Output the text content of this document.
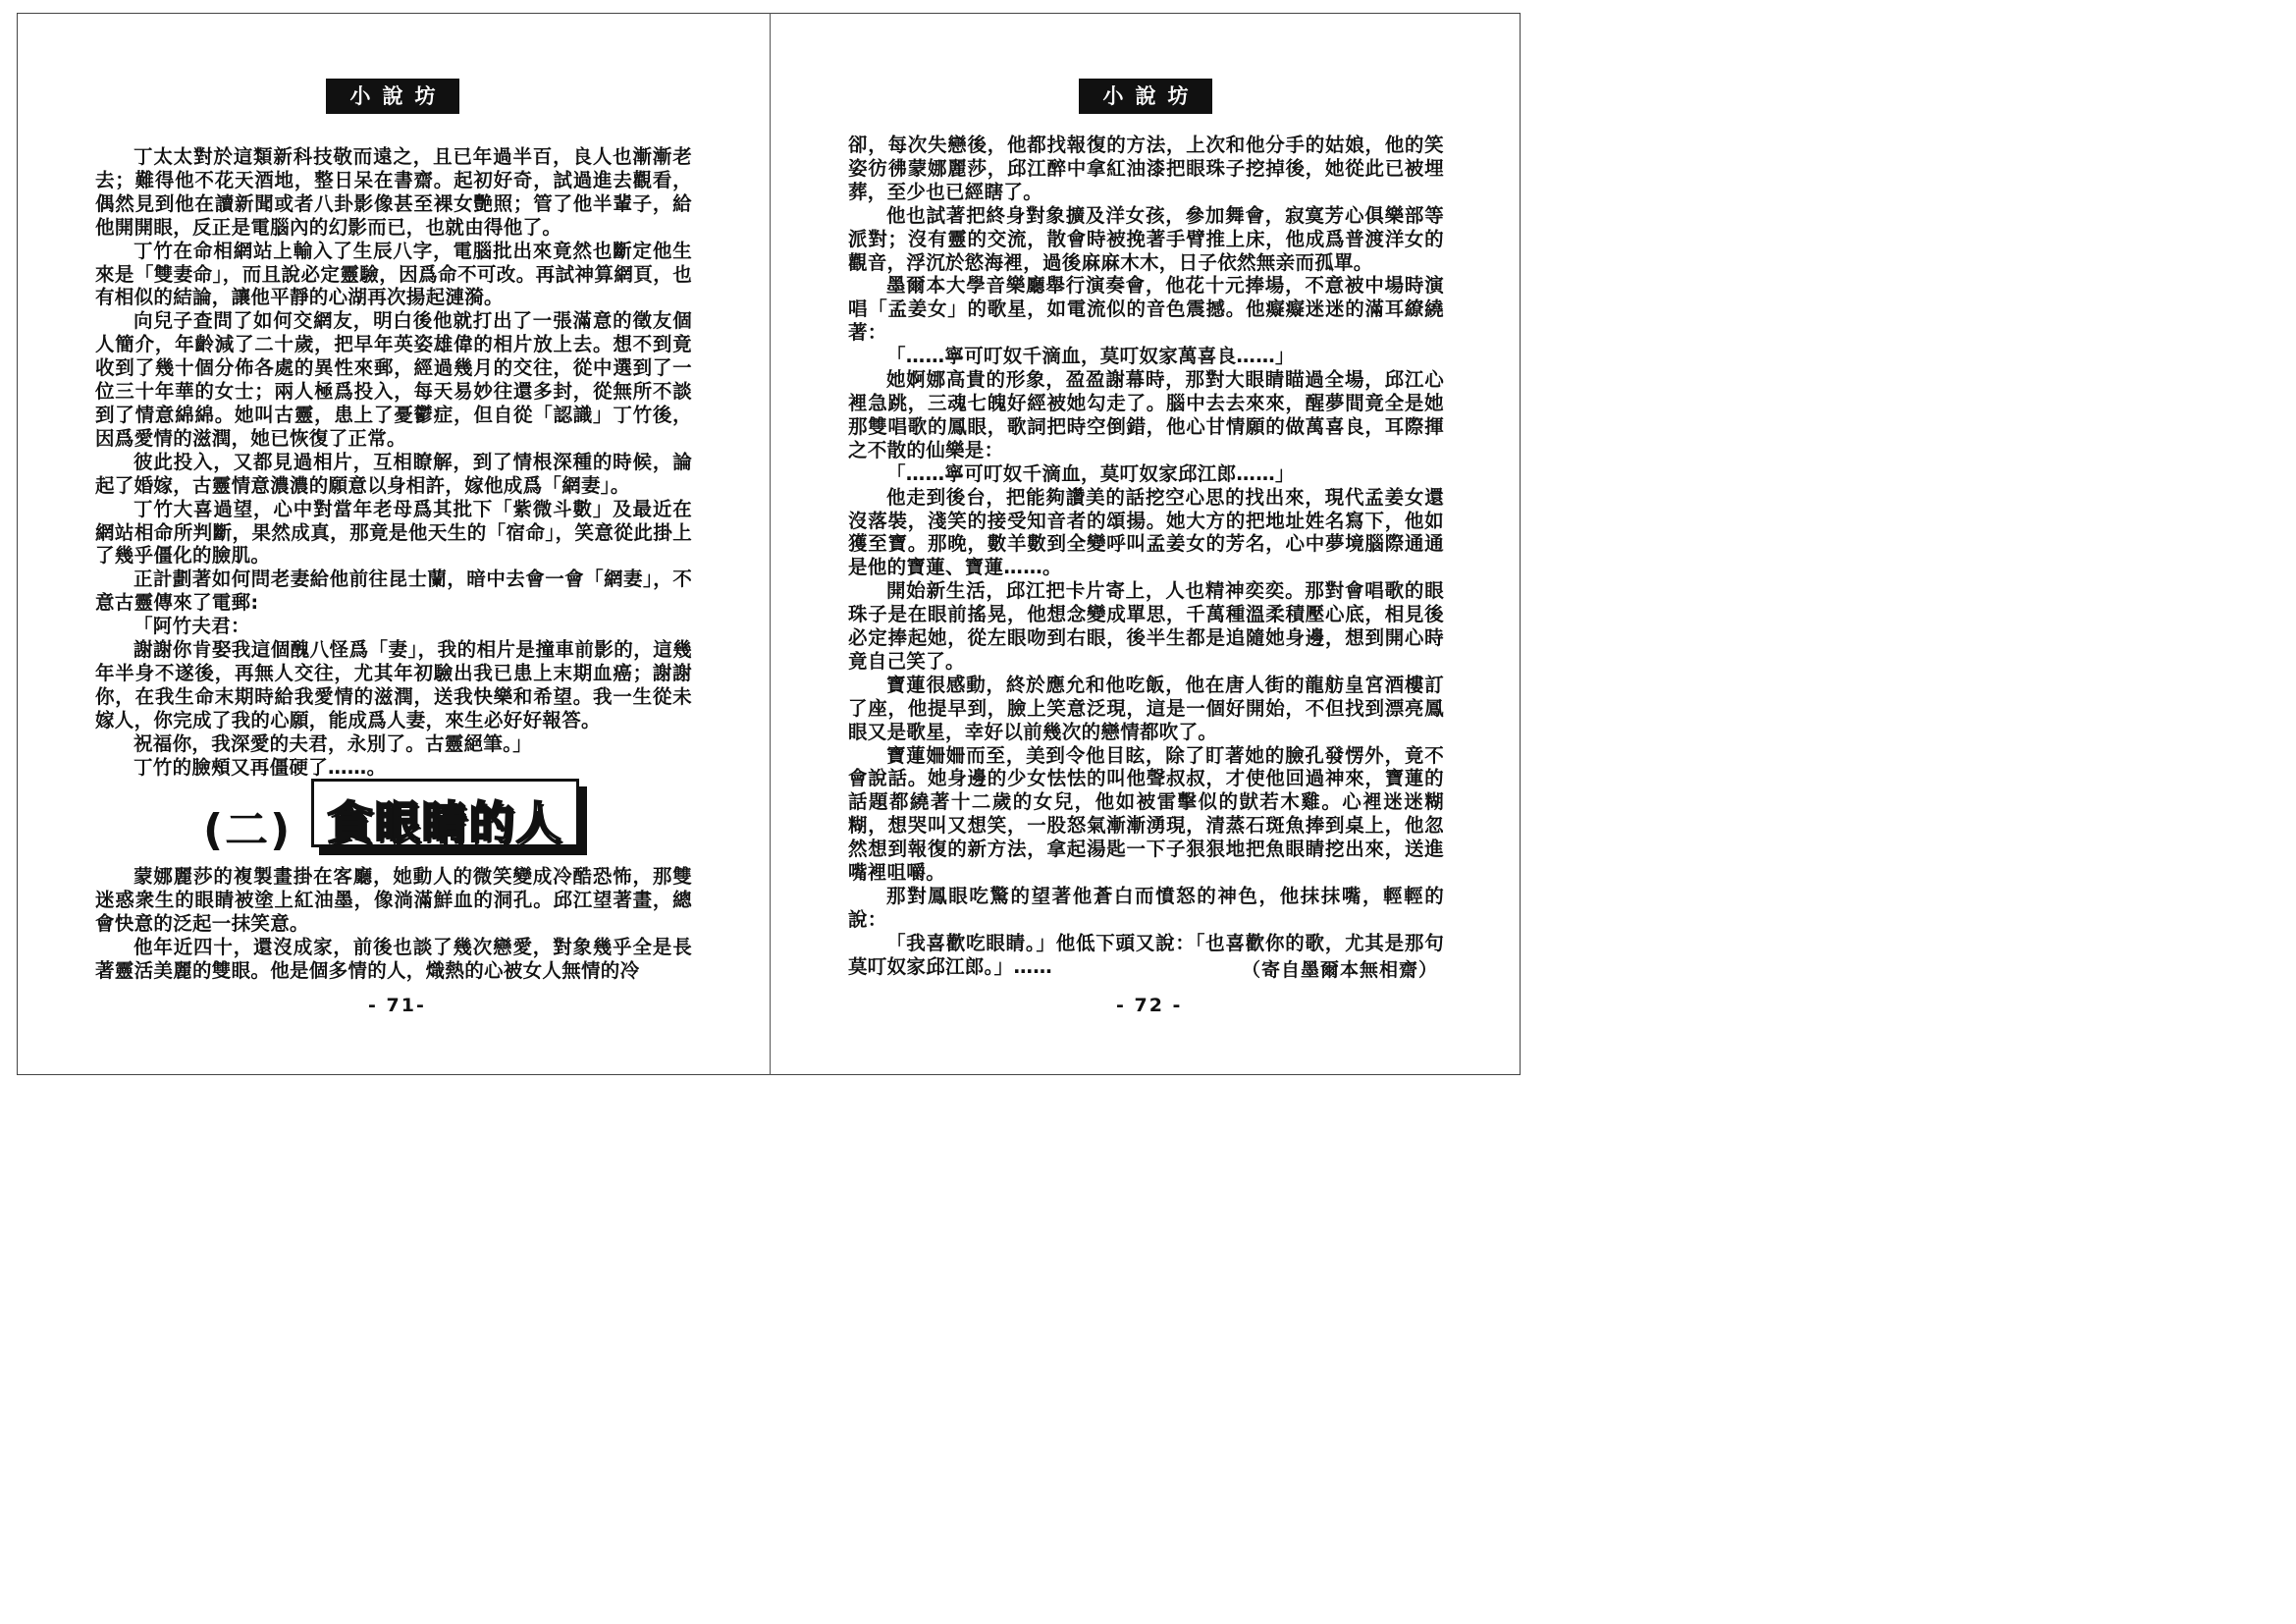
小說坊

丁太太對於這類新科技敬而遠之，且已年過半百，良人也漸漸老去；難得他不花天酒地，整日呆在書齋。起初好奇，試過進去觀看，偶然見到他在讀新聞或者八卦影像甚至裸女艷照；管了他半輩子，給他開開眼，反正是電腦內的幻影而已，也就由得他了。

丁竹在命相網站上輸入了生辰八字，電腦批出來竟然也斷定他生來是「雙妻命」，而且說必定靈驗，因爲命不可改。再試神算網頁，也有相似的結論，讓他平靜的心湖再次揚起漣漪。

向兒子查問了如何交網友，明白後他就打出了一張滿意的徵友個人簡介，年齡減了二十歲，把早年英姿雄偉的相片放上去。想不到竟收到了幾十個分佈各處的異性來郵，經過幾月的交往，從中選到了一位三十年華的女士；兩人極爲投入，每天易妙往還多封，從無所不談到了情意綿綿。她叫古靈，患上了憂鬱症，但自從「認識」丁竹後，因爲愛情的滋潤，她已恢復了正常。

彼此投入，又都見過相片，互相瞭解，到了情根深種的時候，論起了婚嫁，古靈情意濃濃的願意以身相許，嫁他成爲「網妻」。

丁竹大喜過望，心中對當年老母爲其批下「紫微斗數」及最近在網站相命所判斷，果然成真，那竟是他天生的「宿命」，笑意從此掛上了幾乎僵化的臉肌。

正計劃著如何問老妻給他前往昆士蘭，暗中去會一會「網妻」，不意古靈傳來了電郵:

「阿竹夫君：

謝謝你肯娶我這個醜八怪爲「妻」，我的相片是撞車前影的，這幾年半身不遂後，再無人交往，尤其年初驗出我已患上末期血癌；謝謝你，在我生命末期時給我愛情的滋潤，送我快樂和希望。我一生從未嫁人，你完成了我的心願，能成爲人妻，來生必好好報答。

祝福你，我深愛的夫君，永別了。古靈絕筆。」

丁竹的臉頰又再僵硬了……。

(二) 貪眼睛的人

蒙娜麗莎的複製畫掛在客廳，她動人的微笑變成冷酷恐怖，那雙迷惑衆生的眼睛被塗上紅油墨，像淌滿鮮血的洞孔。邱江望著畫，總會快意的泛起一抹笑意。

他年近四十，還沒成家，前後也談了幾次戀愛，對象幾乎全是長著靈活美麗的雙眼。他是個多情的人，熾熱的心被女人無情的冷

- 71-
小說坊

卻，每次失戀後，他都找報復的方法，上次和他分手的姑娘，他的笑姿彷彿蒙娜麗莎，邱江醉中拿紅油漆把眼珠子挖掉後，她從此已被埋葬，至少也已經瞎了。

他也試著把終身對象擴及洋女孩，參加舞會，寂寞芳心俱樂部等派對；沒有靈的交流，散會時被挽著手臂推上床，他成爲普渡洋女的觀音，浮沉於慾海裡，過後麻麻木木，日子依然無亲而孤單。

墨爾本大學音樂廳舉行演奏會，他花十元捧場，不意被中場時演唱「孟姜女」的歌星，如電流似的音色震撼。他癡癡迷迷的滿耳繚繞著：

「……寧可叮奴千滴血，莫叮奴家萬喜良……」

她婀娜高貴的形象，盈盈謝幕時，那對大眼睛瞄過全場，邱江心裡急跳，三魂七魄好經被她勾走了。腦中去去來來，醒夢間竟全是她那雙唱歌的鳳眼，歌詞把時空倒錯，他心甘情願的做萬喜良，耳際揮之不散的仙樂是：

「……寧可叮奴千滴血，莫叮奴家邱江郎……」

他走到後台，把能夠讚美的話挖空心思的找出來，現代孟姜女還沒落裝，淺笑的接受知音者的頌揚。她大方的把地址姓名寫下，他如獲至寶。那晚，數羊數到全變呼叫孟姜女的芳名，心中夢境腦際通通是他的寶蓮、寶蓮……。

開始新生活，邱江把卡片寄上，人也精神奕奕。那對會唱歌的眼珠子是在眼前搖晃，他想念變成單思，千萬種溫柔積壓心底，相見後必定捧起她，從左眼吻到右眼，後半生都是追隨她身邊，想到開心時竟自己笑了。

寶蓮很感動，終於應允和他吃飯，他在唐人街的龍舫皇宮酒樓訂了座，他提早到，臉上笑意泛現，這是一個好開始，不但找到漂亮鳳眼又是歌星，幸好以前幾次的戀情都吹了。

寶蓮姍姍而至，美到令他目眩，除了盯著她的臉孔發愣外，竟不會說話。她身邊的少女怯怯的叫他聲叔叔，才使他回過神來，寶蓮的話題都繞著十二歲的女兒，他如被雷擊似的獃若木雞。心裡迷迷糊糊，想哭叫又想笑，一股怒氣漸漸湧現，清蒸石斑魚捧到桌上，他忽然想到報復的新方法，拿起湯匙一下子狠狠地把魚眼睛挖出來，送進嘴裡咀嚼。

那對鳳眼吃驚的望著他蒼白而憤怒的神色，他抹抹嘴，輕輕的說：

「我喜歡吃眼睛。」他低下頭又說：「也喜歡你的歌，尤其是那句莫叮奴家邱江郎。」……	（寄自墨爾本無相齋）
- 72 -
